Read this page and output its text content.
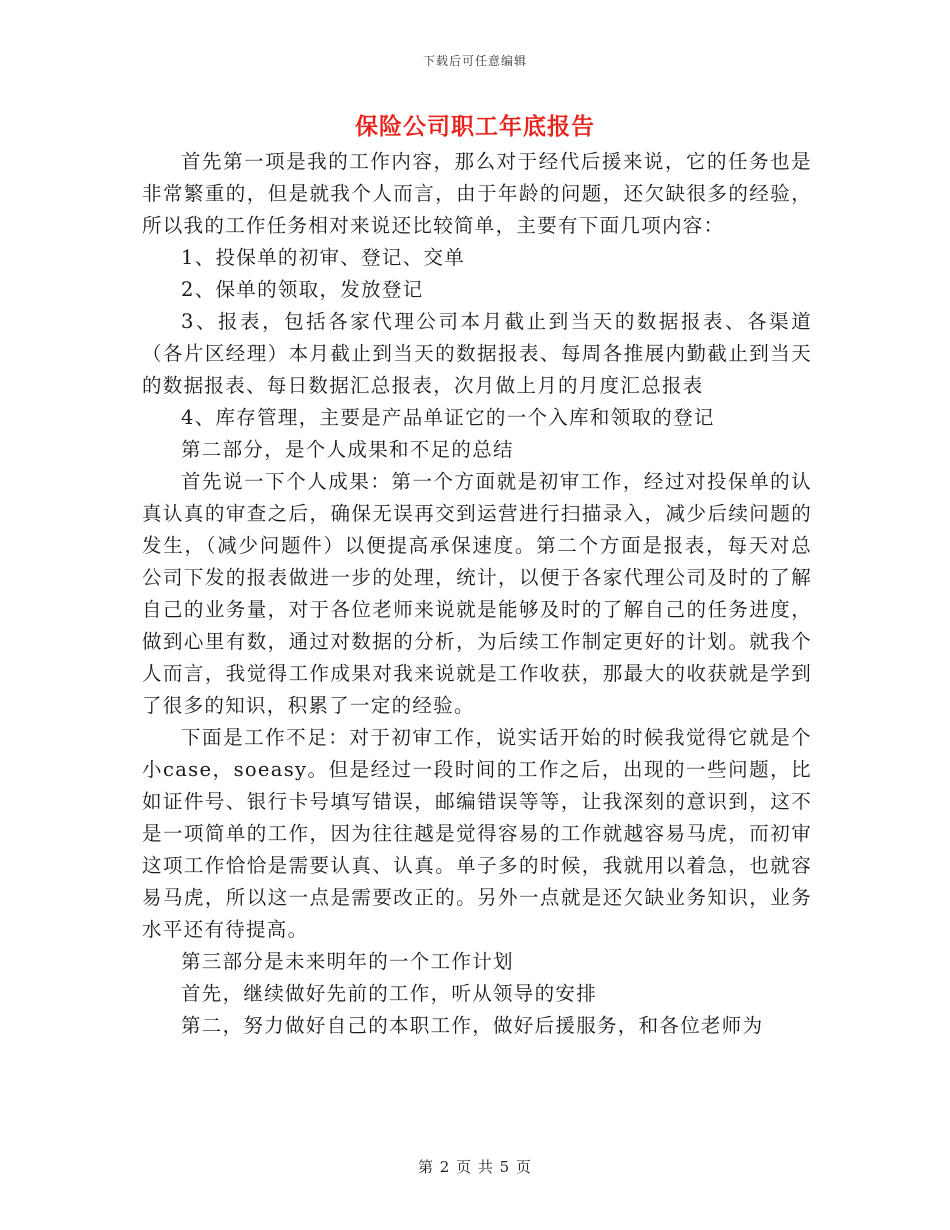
下载后可任意编辑
保险公司职工年底报告

首先第一项是我的工作内容，那么对于经代后援来说，它的任务也是非常繁重的，但是就我个人而言，由于年龄的问题，还欠缺很多的经验，所以我的工作任务相对来说还比较简单，主要有下面几项内容：

1、投保单的初审、登记、交单

2、保单的领取，发放登记

3、报表，包括各家代理公司本月截止到当天的数据报表、各渠道（各片区经理）本月截止到当天的数据报表、每周各推展内勤截止到当天的数据报表、每日数据汇总报表，次月做上月的月度汇总报表

4、库存管理，主要是产品单证它的一个入库和领取的登记

第二部分，是个人成果和不足的总结

首先说一下个人成果：第一个方面就是初审工作，经过对投保单的认真认真的审查之后，确保无误再交到运营进行扫描录入，减少后续问题的发生，（减少问题件）以便提高承保速度。第二个方面是报表，每天对总公司下发的报表做进一步的处理，统计，以便于各家代理公司及时的了解自己的业务量，对于各位老师来说就是能够及时的了解自己的任务进度，做到心里有数，通过对数据的分析，为后续工作制定更好的计划。就我个人而言，我觉得工作成果对我来说就是工作收获，那最大的收获就是学到了很多的知识，积累了一定的经验。

下面是工作不足：对于初审工作，说实话开始的时候我觉得它就是个小case，soeasy。但是经过一段时间的工作之后，出现的一些问题，比如证件号、银行卡号填写错误，邮编错误等等，让我深刻的意识到，这不是一项简单的工作，因为往往越是觉得容易的工作就越容易马虎，而初审这项工作恰恰是需要认真、认真。单子多的时候，我就用以着急，也就容易马虎，所以这一点是需要改正的。另外一点就是还欠缺业务知识，业务水平还有待提高。

第三部分是未来明年的一个工作计划

首先，继续做好先前的工作，听从领导的安排

第二，努力做好自己的本职工作，做好后援服务，和各位老师为

第 2 页 共 5 页
